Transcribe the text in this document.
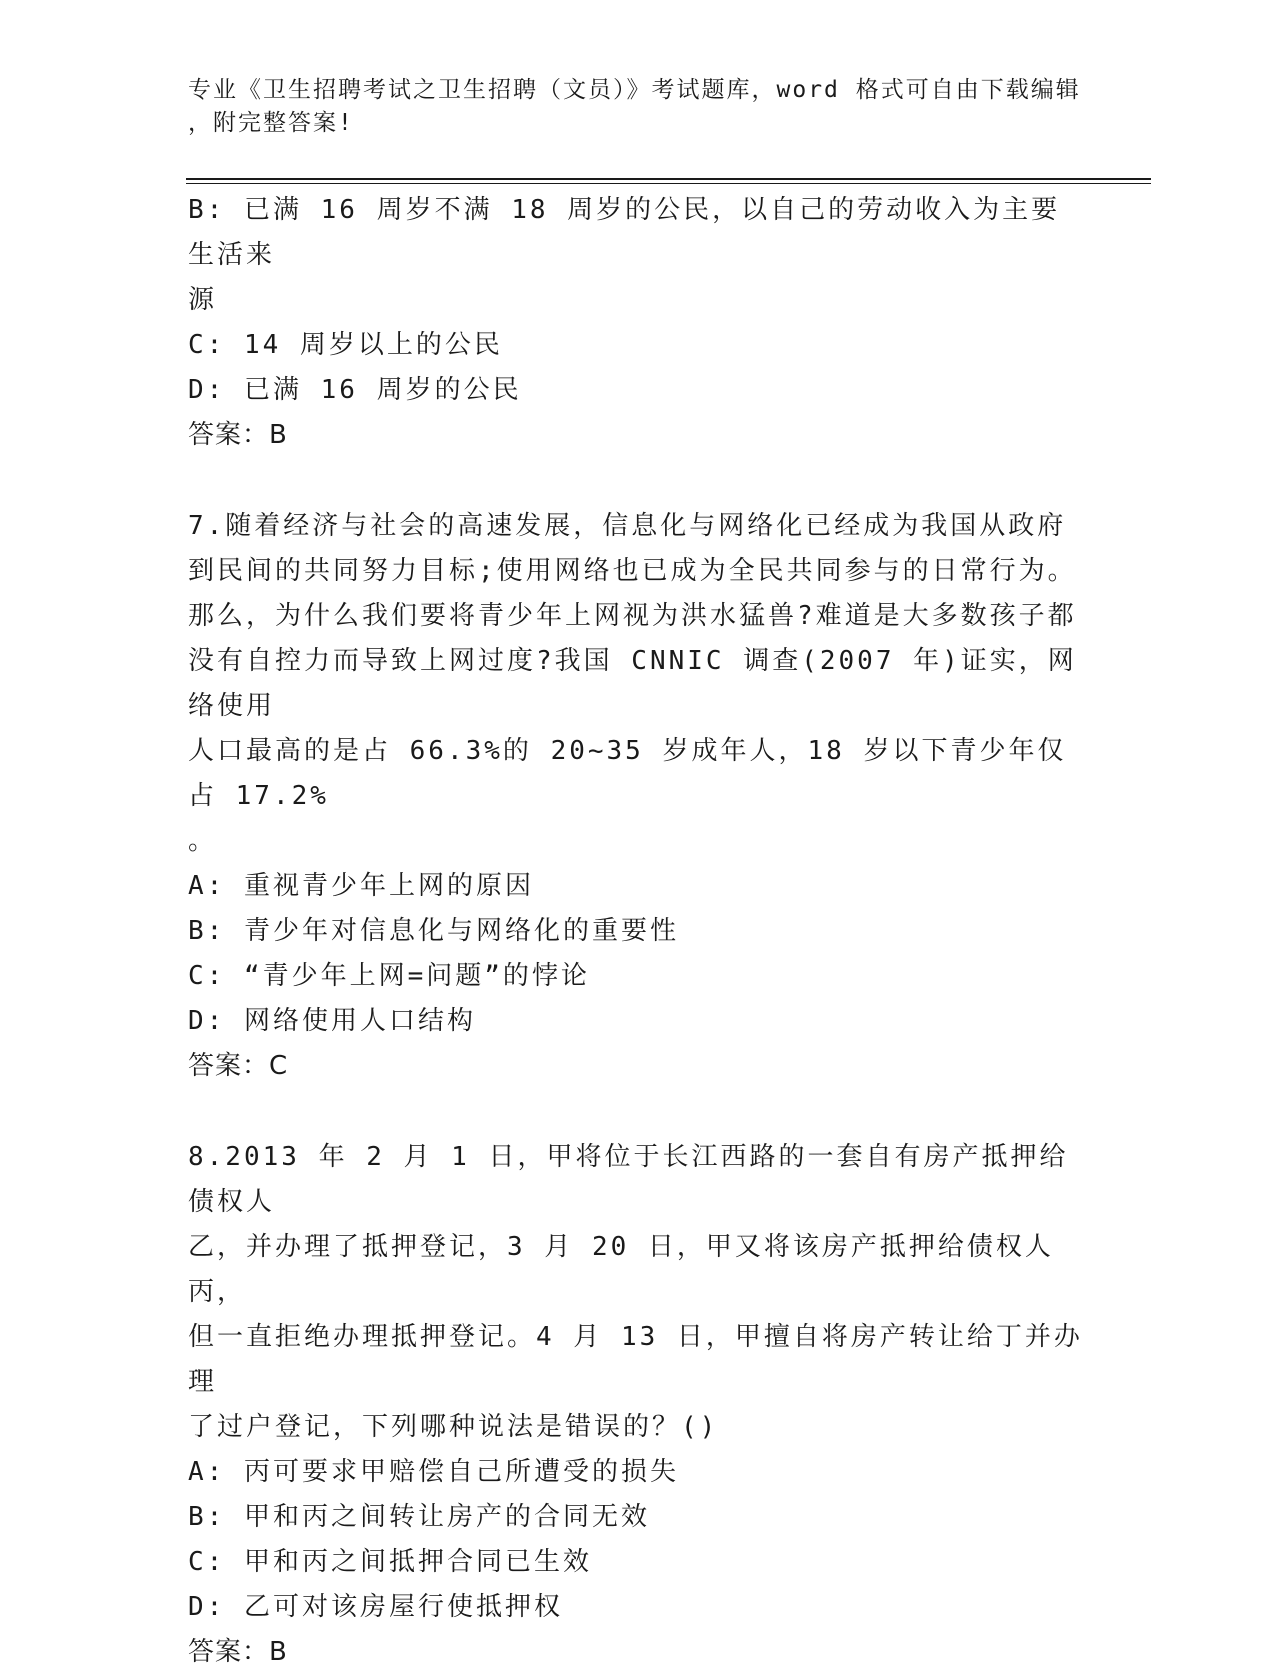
专业《卫生招聘考试之卫生招聘（文员）》考试题库，word 格式可自由下载编辑
，附完整答案!
B: 已满 16 周岁不满 18 周岁的公民，以自己的劳动收入为主要生活来
源
C: 14 周岁以上的公民
D: 已满 16 周岁的公民
答案：B
7.随着经济与社会的高速发展，信息化与网络化已经成为我国从政府
到民间的共同努力目标;使用网络也已成为全民共同参与的日常行为。
那么，为什么我们要将青少年上网视为洪水猛兽?难道是大多数孩子都
没有自控力而导致上网过度?我国 CNNIC 调查(2007 年)证实，网络使用
人口最高的是占 66.3%的 20~35 岁成年人，18 岁以下青少年仅占 17.2%
。
A: 重视青少年上网的原因
B: 青少年对信息化与网络化的重要性
C: “青少年上网=问题”的悖论
D: 网络使用人口结构
答案：C
8.2013 年 2 月 1 日，甲将位于长江西路的一套自有房产抵押给债权人
乙，并办理了抵押登记，3 月 20 日，甲又将该房产抵押给债权人丙，
但一直拒绝办理抵押登记。4 月 13 日，甲擅自将房产转让给丁并办理
了过户登记，下列哪种说法是错误的？()
A: 丙可要求甲赔偿自己所遭受的损失
B: 甲和丙之间转让房产的合同无效
C: 甲和丙之间抵押合同已生效
D: 乙可对该房屋行使抵押权
答案：B
